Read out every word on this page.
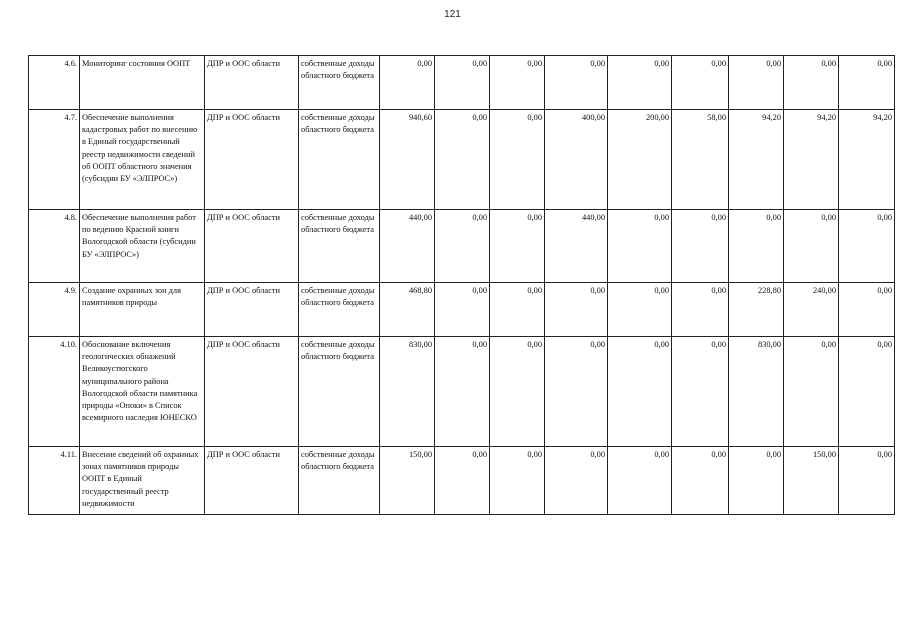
121
4.6.	Мониторинг состояния ООПТ	ДПР и ООС области	собственные доходы областного бюджета	0,00	0,00	0,00	0,00	0,00	0,00	0,00	0,00	0,00
4.7.	Обеспечение выполнения кадастровых работ по внесению в Единый государственный реестр недвижимости сведений об ООПТ областного значения (субсидии БУ «ЭЛПРОС»)	ДПР и ООС области	собственные доходы областного бюджета	940,60	0,00	0,00	400,00	200,00	58,00	94,20	94,20	94,20
4.8.	Обеспечение выполнения работ по ведению Красной книги Вологодской области (субсидии БУ «ЭЛПРОС»)	ДПР и ООС области	собственные доходы областного бюджета	440,00	0,00	0,00	440,00	0,00	0,00	0,00	0,00	0,00
4.9.	Создание охранных зон для памятников природы	ДПР и ООС области	собственные доходы областного бюджета	468,80	0,00	0,00	0,00	0,00	0,00	228,80	240,00	0,00
4.10.	Обоснование включения геологических обнажений Великоустюгского муниципального района Вологодской области памятника природы «Опоки» в Список всемирного наследия ЮНЕСКО	ДПР и ООС области	собственные доходы областного бюджета	830,00	0,00	0,00	0,00	0,00	0,00	830,00	0,00	0,00
4.11.	Внесение сведений об охранных зонах памятников природы ООПТ в Единый государственный реестр недвижимости	ДПР и ООС области	собственные доходы областного бюджета	150,00	0,00	0,00	0,00	0,00	0,00	0,00	150,00	0,00
